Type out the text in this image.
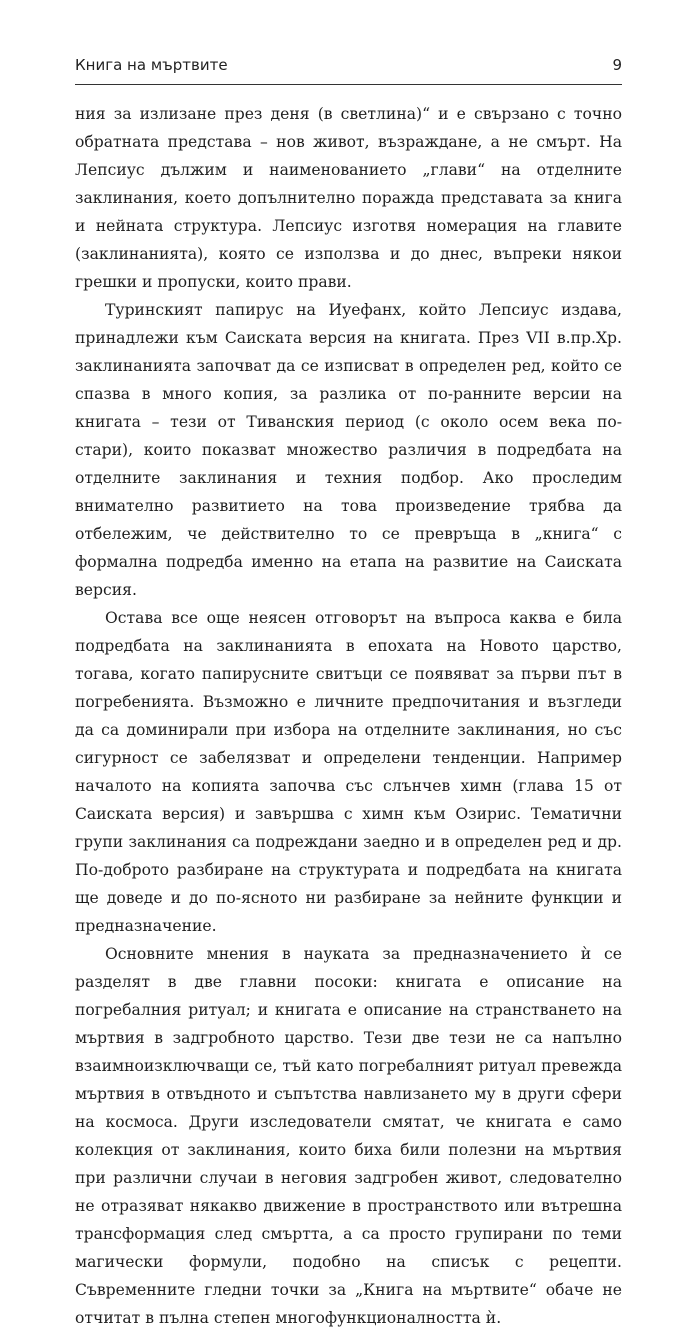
Книга на мъртвите	9

ния за излизане през деня (в светлина)“ и е свързано с точно обратната представа – нов живот, възраждане, а не смърт. На Лепсиус дължим и наименованието „глави“ на отделните заклинания, което допълнително поражда представата за книга и нейната структура. Лепсиус изготвя номерация на главите (заклинанията), която се използва и до днес, въпреки някои грешки и пропуски, които прави.

Туринският папирус на Иуефанх, който Лепсиус издава, принадлежи към Саиската версия на книгата. През VII в.пр.Хр. заклинанията започват да се изписват в определен ред, който се спазва в много копия, за разлика от по-ранните версии на книгата – тези от Тиванския период (с около осем века по-стари), които показват множество различия в подредбата на отделните заклинания и техния подбор. Ако проследим внимателно развитието на това произведение трябва да отбележим, че действително то се превръща в „книга“ с формална подредба именно на етапа на развитие на Саиската версия.

Остава все още неясен отговорът на въпроса каква е била подредбата на заклинанията в епохата на Новото царство, тогава, когато папирусните свитъци се появяват за първи път в погребенията. Възможно е личните предпочитания и възгледи да са доминирали при избора на отделните заклинания, но със сигурност се забелязват и определени тенденции. Например началото на копията започва със слънчев химн (глава 15 от Саиската версия) и завършва с химн към Озирис. Тематични групи заклинания са подреждани заедно и в определен ред и др. По-доброто разбиране на структурата и подредбата на книгата ще доведе и до по-ясното ни разбиране за нейните функции и предназначение.

Основните мнения в науката за предназначението ѝ се разделят в две главни посоки: книгата е описание на погребалния ритуал; и книгата е описание на странстването на мъртвия в задгробното царство. Тези две тези не са напълно взаимноизключващи се, тъй като погребалният ритуал превежда мъртвия в отвъдното и съпътства навлизането му в други сфери на космоса. Други изследователи смятат, че книгата е само колекция от заклинания, които биха били полезни на мъртвия при различни случаи в неговия задгробен живот, следователно не отразяват някакво движение в пространството или вътрешна трансформация след смъртта, а са просто групирани по теми магически формули, подобно на списък с рецепти. Съвременните гледни точки за „Книга на мъртвите“ обаче не отчитат в пълна степен многофункционалността ѝ.
